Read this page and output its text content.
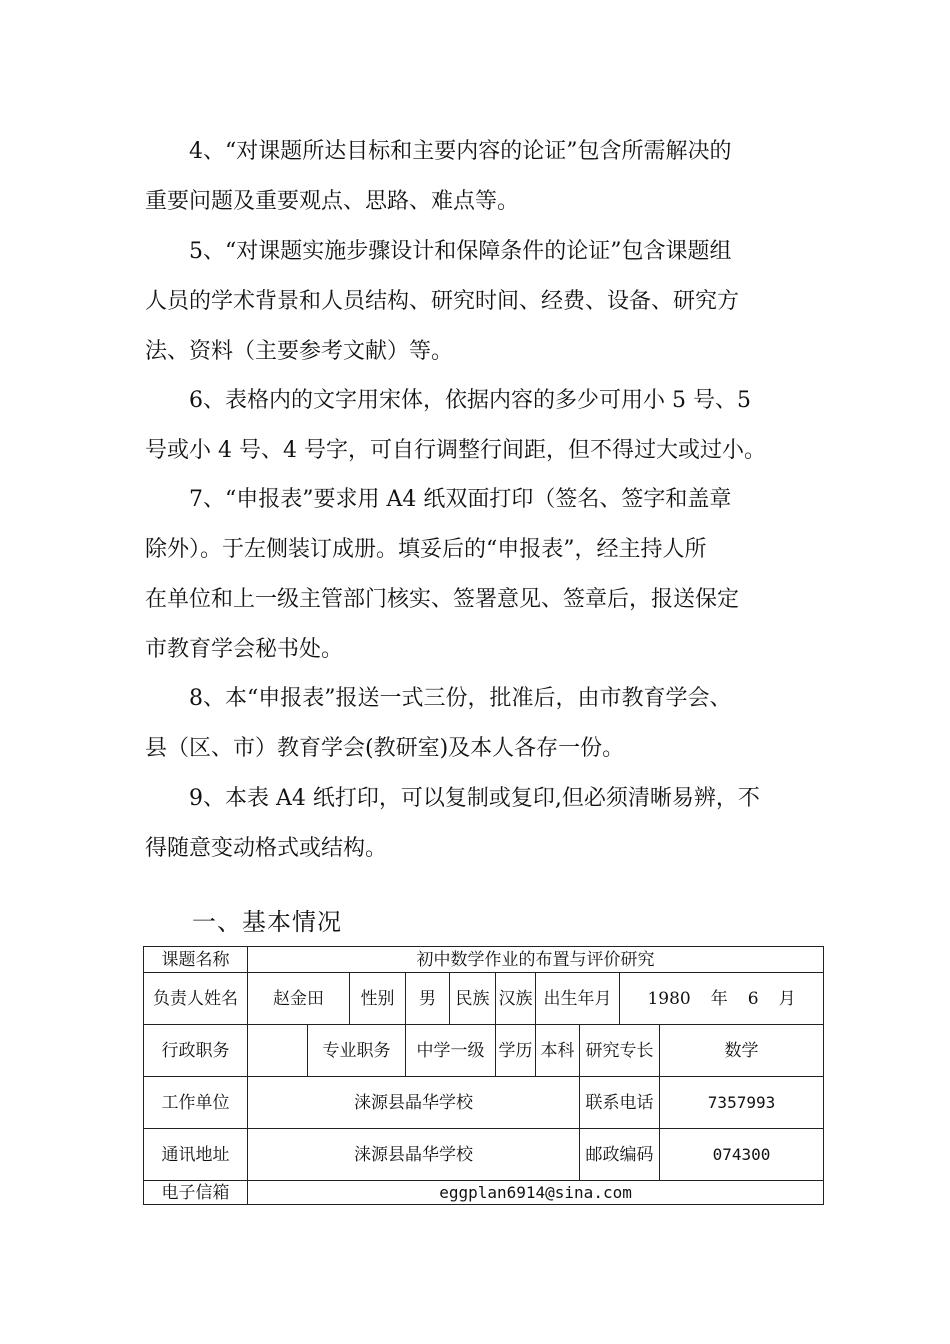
4、“对课题所达目标和主要内容的论证”包含所需解决的
重要问题及重要观点、思路、难点等。
5、“对课题实施步骤设计和保障条件的论证”包含课题组
人员的学术背景和人员结构、研究时间、经费、设备、研究方
法、资料（主要参考文献）等。
6、表格内的文字用宋体，依据内容的多少可用小 5 号、5
号或小 4 号、4 号字，可自行调整行间距，但不得过大或过小。
7、“申报表”要求用 A4 纸双面打印（签名、签字和盖章
除外）。于左侧装订成册。填妥后的“申报表”，经主持人所
在单位和上一级主管部门核实、签署意见、签章后，报送保定
市教育学会秘书处。
8、本“申报表”报送一式三份，批准后，由市教育学会、
县（区、市）教育学会(教研室)及本人各存一份。
9、本表 A4 纸打印，可以复制或复印,但必须清晰易辨，不
得随意变动格式或结构。
一、基本情况
课题名称	初中数学作业的布置与评价研究									
负责人姓名	赵金田		性别	男	民族	汉族	出生年月		1980 年 6 月	
行政职务		专业职务		中学一级		学历	本科	研究专长		数学
工作单位	涞源县晶华学校							联系电话		7357993
通讯地址	涞源县晶华学校							邮政编码		074300
电子信箱	eggplan6914@sina.com									
